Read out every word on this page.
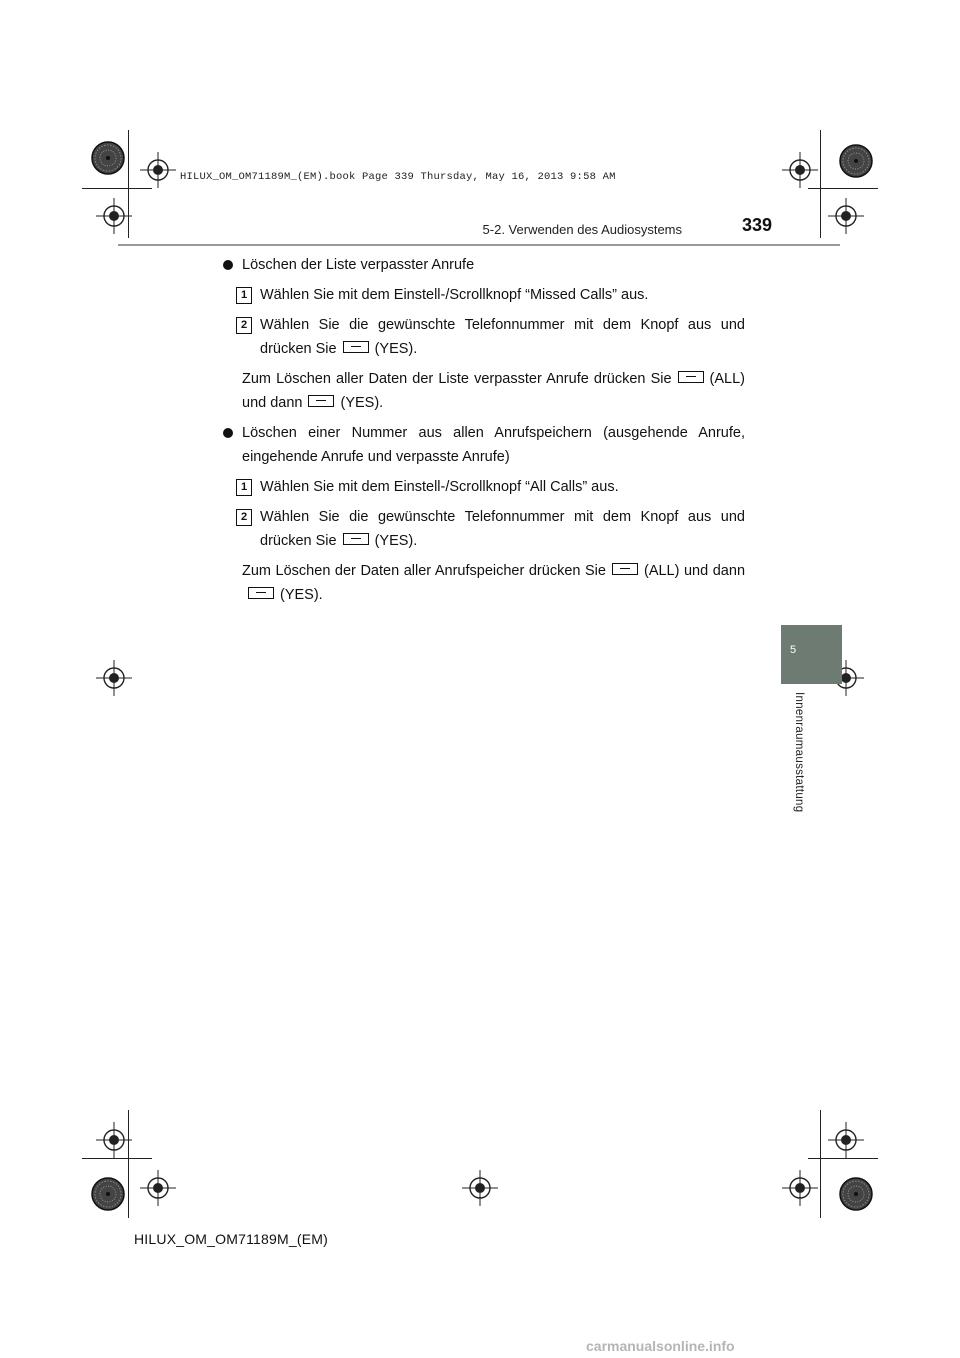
HILUX_OM_OM71189M_(EM).book Page 339 Thursday, May 16, 2013 9:58 AM
5-2. Verwenden des Audiosystems	339
5
Innenraumausstattung
Löschen der Liste verpasster Anrufe
1 Wählen Sie mit dem Einstell-/Scrollknopf “Missed Calls” aus.
2 Wählen Sie die gewünschte Telefonnummer mit dem Knopf aus und drücken Sie	(YES).
Zum Löschen aller Daten der Liste verpasster Anrufe drücken Sie	(ALL) und dann	(YES).
Löschen einer Nummer aus allen Anrufspeichern (ausgehende Anrufe, eingehende Anrufe und verpasste Anrufe)
1 Wählen Sie mit dem Einstell-/Scrollknopf “All Calls” aus.
2 Wählen Sie die gewünschte Telefonnummer mit dem Knopf aus und drücken Sie	(YES).
Zum Löschen der Daten aller Anrufspeicher drücken Sie	(ALL) und dann(YES).
HILUX_OM_OM71189M_(EM)
carmanualsonline.info
